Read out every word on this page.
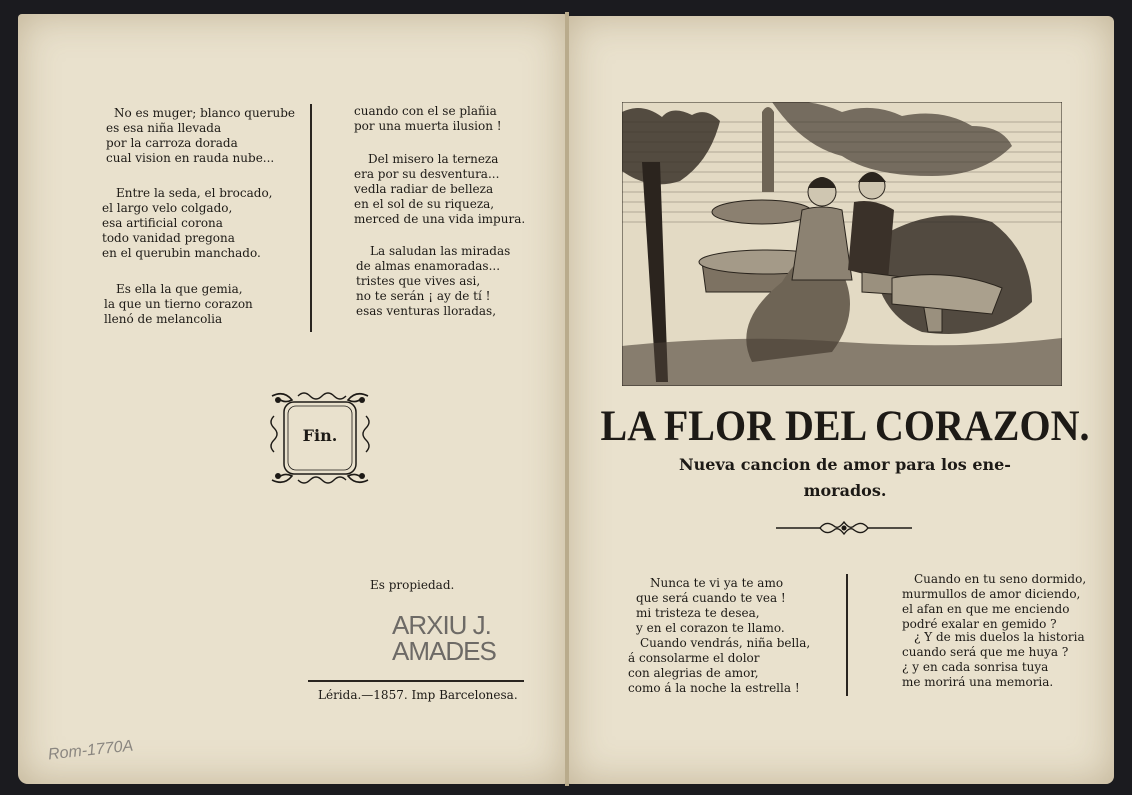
No es muger; blanco querube
es esa niña llevada
por la carroza dorada
cual vision en rauda nube...
Entre la seda, el brocado,
el largo velo colgado,
esa artificial corona
todo vanidad pregona
en el querubin manchado.
Es ella la que gemia,
la que un tierno corazon
llenó de melancolia
cuando con el se plañia
por una muerta ilusion !
Del misero la terneza
era por su desventura...
vedla radiar de belleza
en el sol de su riqueza,
merced de una vida impura.
La saludan las miradas
de almas enamoradas...
tristes que vives asi,
no te serán ¡ ay de tí !
esas venturas lloradas,
Fin.
Es propiedad.
ARXIU J.
AMADES
Lérida.—1857. Imp Barcelonesa.
Rom-1770A
LA FLOR DEL CORAZON.
Nueva cancion de amor para los ene-
morados.
Nunca te vi ya te amo
que será cuando te vea !
mi tristeza te desea,
y en el corazon te llamo.
Cuando vendrás, niña bella,
á consolarme el dolor
con alegrias de amor,
como á la noche la estrella !
Cuando en tu seno dormido,
murmullos de amor diciendo,
el afan en que me enciendo
podré exalar en gemido ?
¿ Y de mis duelos la historia
cuando será que me huya ?
¿ y en cada sonrisa tuya
me morirá una memoria.
